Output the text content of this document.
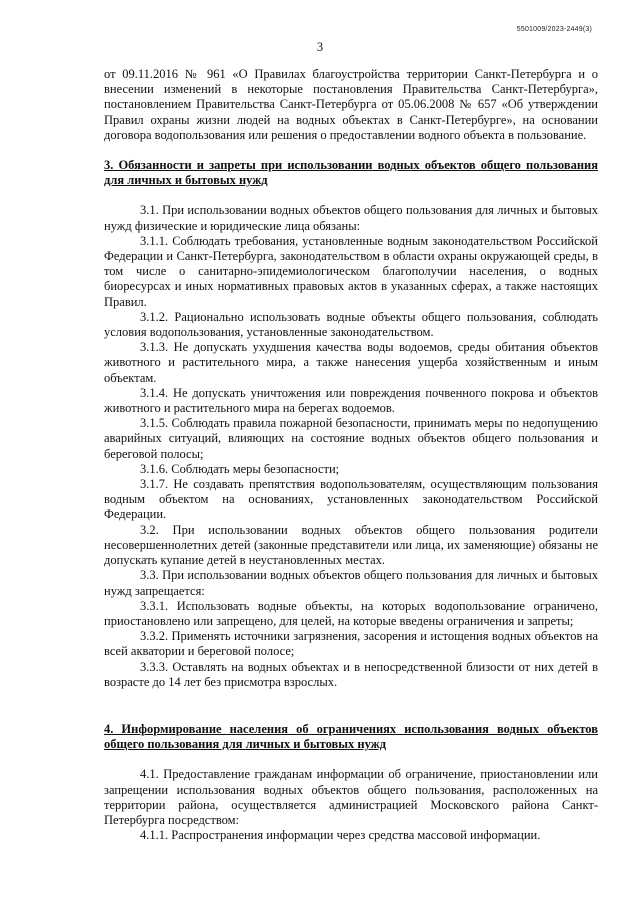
5501009/2023-2449(3)
3

от 09.11.2016 № 961 «О Правилах благоустройства территории Санкт-Петербурга и о внесении изменений в некоторые постановления Правительства Санкт-Петербурга», постановлением Правительства Санкт-Петербурга от 05.06.2008 № 657 «Об утверждении Правил охраны жизни людей на водных объектах в Санкт-Петербурге», на основании договора водопользования или решения о предоставлении водного объекта в пользование.

3. Обязанности и запреты при использовании водных объектов общего пользования для личных и бытовых нужд

3.1. При использовании водных объектов общего пользования для личных и бытовых нужд физические и юридические лица обязаны:

3.1.1. Соблюдать требования, установленные водным законодательством Российской Федерации и Санкт-Петербурга, законодательством в области охраны окружающей среды, в том числе о санитарно-эпидемиологическом благополучии населения, о водных биоресурсах и иных нормативных правовых актов в указанных сферах, а также настоящих Правил.

3.1.2. Рационально использовать водные объекты общего пользования, соблюдать условия водопользования, установленные законодательством.

3.1.3. Не допускать ухудшения качества воды водоемов, среды обитания объектов животного и растительного мира, а также нанесения ущерба хозяйственным и иным объектам.

3.1.4. Не допускать уничтожения или повреждения почвенного покрова и объектов животного и растительного мира на берегах водоемов.

3.1.5. Соблюдать правила пожарной безопасности, принимать меры по недопущению аварийных ситуаций, влияющих на состояние водных объектов общего пользования и береговой полосы;

3.1.6. Соблюдать меры безопасности;

3.1.7. Не создавать препятствия водопользователям, осуществляющим пользования водным объектом на основаниях, установленных законодательством Российской Федерации.

3.2. При использовании водных объектов общего пользования родители несовершеннолетних детей (законные представители или лица, их заменяющие) обязаны не допускать купание детей в неустановленных местах.

3.3. При использовании водных объектов общего пользования для личных и бытовых нужд запрещается:

3.3.1. Использовать водные объекты, на которых водопользование ограничено, приостановлено или запрещено, для целей, на которые введены ограничения и запреты;

3.3.2. Применять источники загрязнения, засорения и истощения водных объектов на всей акватории и береговой полосе;

3.3.3. Оставлять на водных объектах и в непосредственной близости от них детей в возрасте до 14 лет без присмотра взрослых.

4. Информирование населения об ограничениях использования водных объектов общего пользования для личных и бытовых нужд

4.1. Предоставление гражданам информации об ограничение, приостановлении или запрещении использования водных объектов общего пользования, расположенных на территории района, осуществляется администрацией Московского района Санкт-Петербурга посредством:

4.1.1. Распространения информации через средства массовой информации.
